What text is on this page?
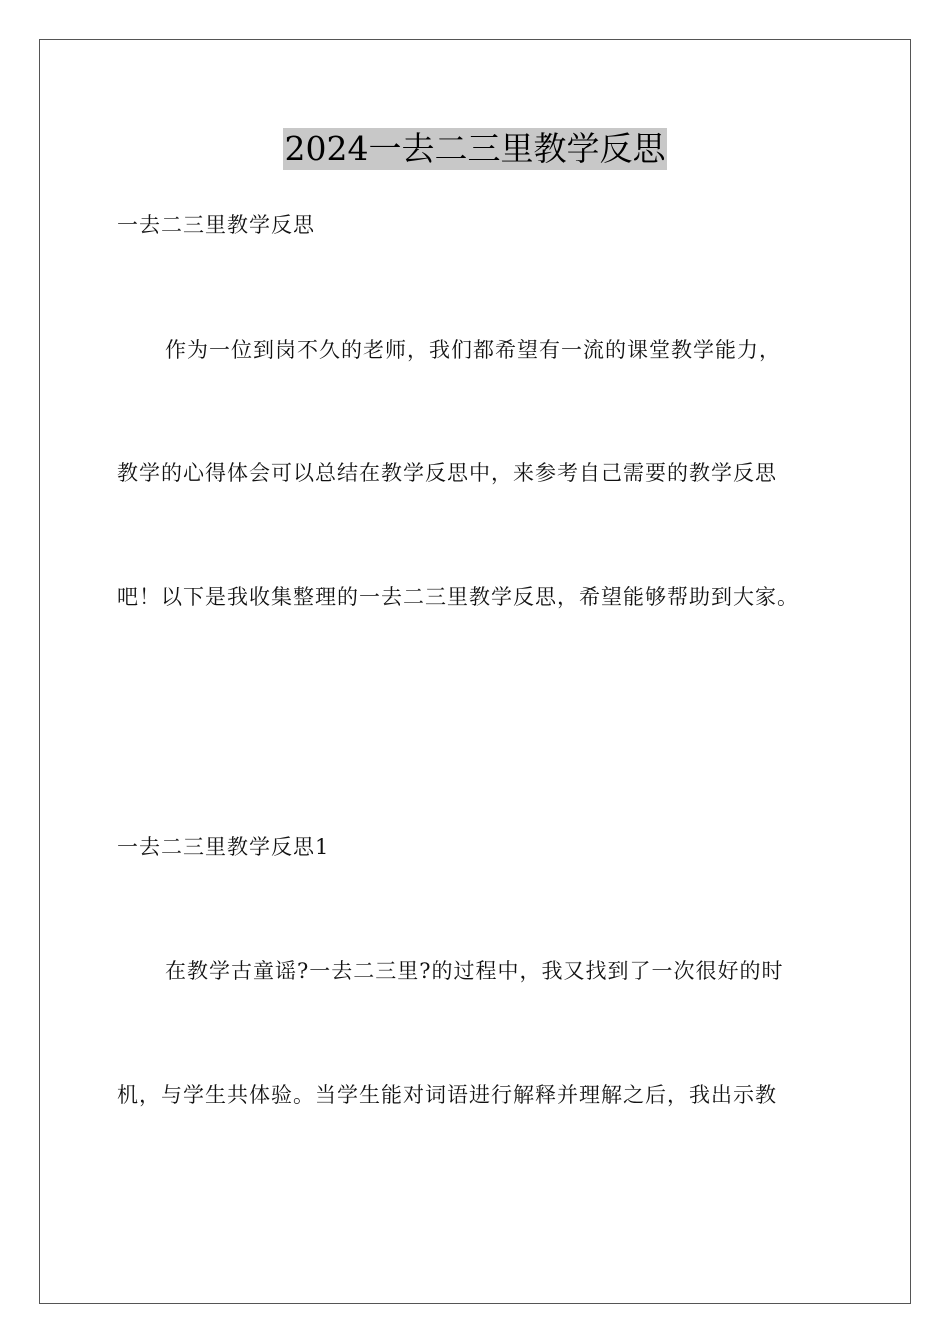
2024一去二三里教学反思
一去二三里教学反思
作为一位到岗不久的老师，我们都希望有一流的课堂教学能力，
教学的心得体会可以总结在教学反思中，来参考自己需要的教学反思
吧！以下是我收集整理的一去二三里教学反思，希望能够帮助到大家。
一去二三里教学反思1
在教学古童谣?一去二三里?的过程中，我又找到了一次很好的时
机，与学生共体验。当学生能对词语进行解释并理解之后，我出示教
